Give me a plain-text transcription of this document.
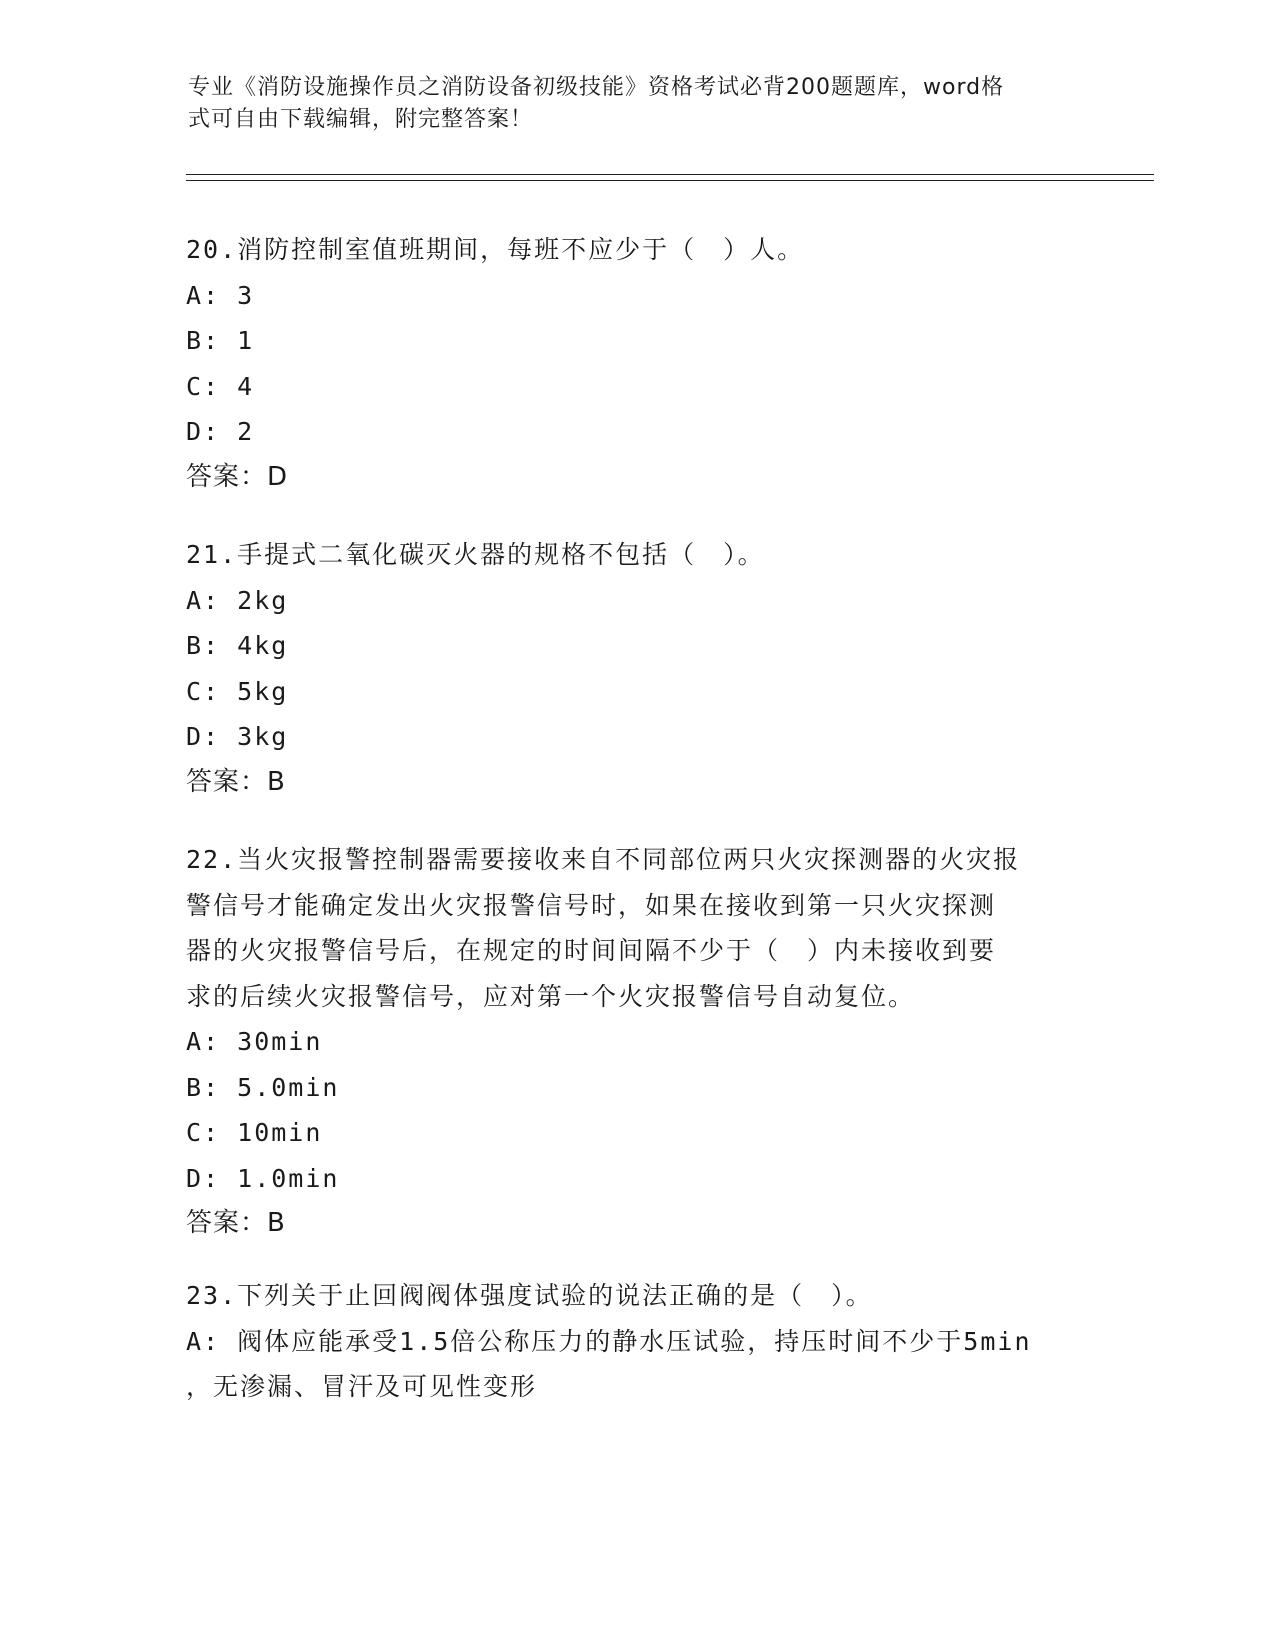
专业《消防设施操作员之消防设备初级技能》资格考试必背200题题库，word格
式可自由下载编辑，附完整答案！
20.消防控制室值班期间，每班不应少于（　）人。
A: 3
B: 1
C: 4
D: 2
答案：D
21.手提式二氧化碳灭火器的规格不包括（　）。
A: 2kg
B: 4kg
C: 5kg
D: 3kg
答案：B
22.当火灾报警控制器需要接收来自不同部位两只火灾探测器的火灾报
警信号才能确定发出火灾报警信号时，如果在接收到第一只火灾探测
器的火灾报警信号后，在规定的时间间隔不少于（　）内未接收到要
求的后续火灾报警信号，应对第一个火灾报警信号自动复位。
A: 30min
B: 5.0min
C: 10min
D: 1.0min
答案：B
23.下列关于止回阀阀体强度试验的说法正确的是（　）。
A: 阀体应能承受1.5倍公称压力的静水压试验，持压时间不少于5min
，无渗漏、冒汗及可见性变形
